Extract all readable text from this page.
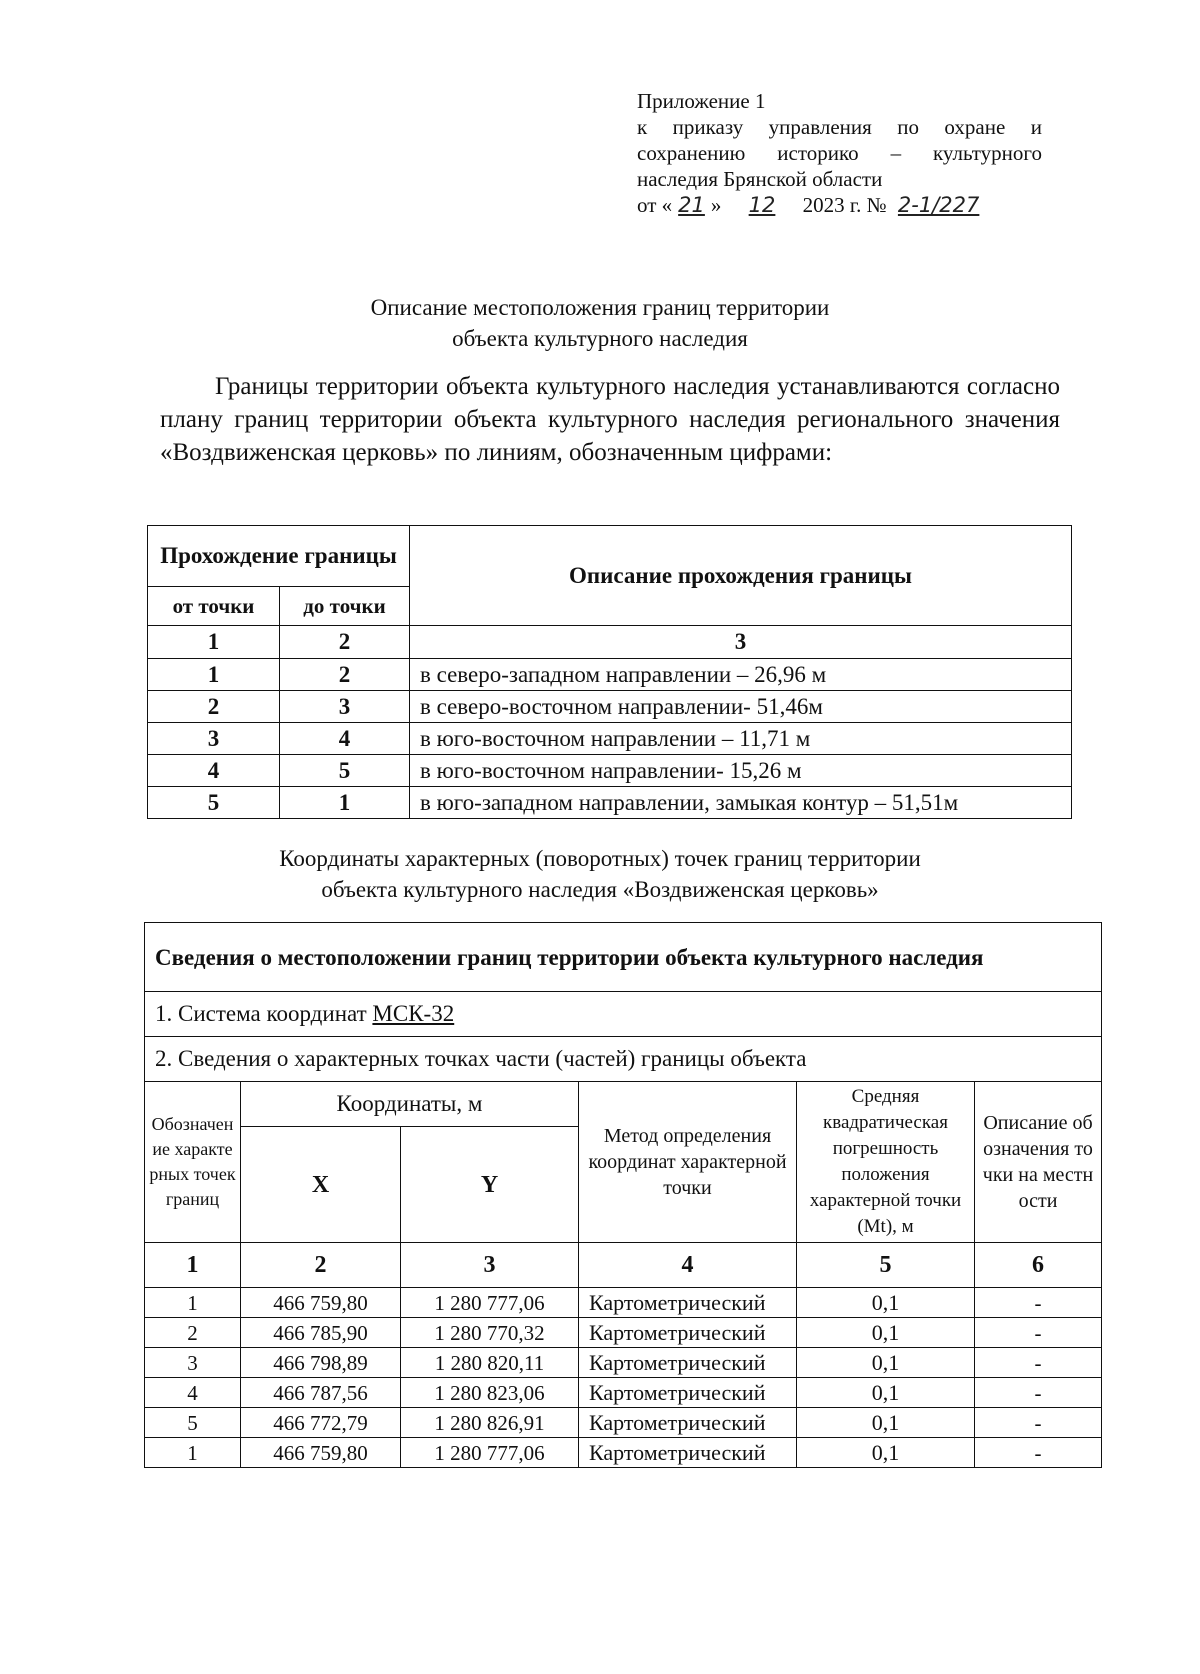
Приложение 1
к приказу управления по охране и
сохранению историко – культурного
наследия Брянской области
от « 21 » 12 2023 г. № 2-1/227
Описание местоположения границ территории
объекта культурного наследия
Границы территории объекта культурного наследия устанавливаются согласно плану границ территории объекта культурного наследия регионального значения «Воздвиженская церковь» по линиям, обозначенным цифрами:
Прохождение границы		Описание прохождения границы
от точки	до точки	
1	2	3
1	2	в северо-западном направлении – 26,96 м
2	3	в северо-восточном направлении- 51,46м
3	4	в юго-восточном направлении – 11,71 м
4	5	в юго-восточном направлении- 15,26 м
5	1	в юго-западном направлении, замыкая контур – 51,51м
Координаты характерных (поворотных) точек границ территории
объекта культурного наследия «Воздвиженская церковь»
Сведения о местоположении границ территории объекта культурного наследия					
1. Система координат МСК-32					
2. Сведения о характерных точках части (частей) границы объекта					
Обозначение характерных точек границ	Координаты, м		Метод определения координат характерной точки	Средняя квадратическая погрешность положения характерной точки (Mt), м	Описание обозначения точки на местности
	X	Y			
1	2	3	4	5	6
1	466 759,80	1 280 777,06	Картометрический	0,1	-
2	466 785,90	1 280 770,32	Картометрический	0,1	-
3	466 798,89	1 280 820,11	Картометрический	0,1	-
4	466 787,56	1 280 823,06	Картометрический	0,1	-
5	466 772,79	1 280 826,91	Картометрический	0,1	-
1	466 759,80	1 280 777,06	Картометрический	0,1	-
